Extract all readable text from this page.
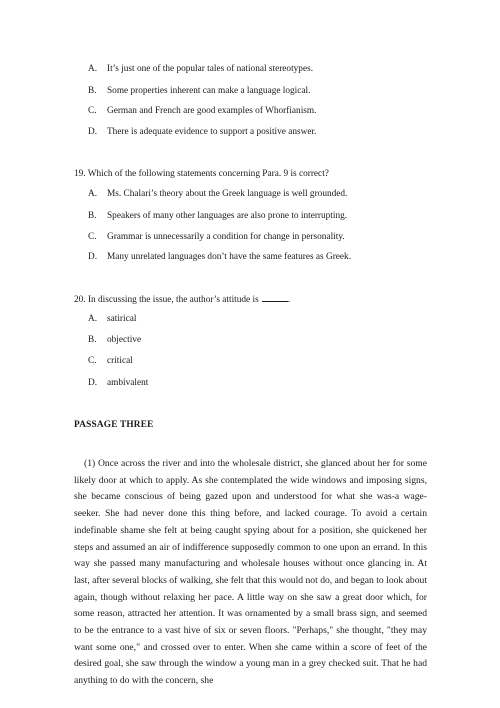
A. It’s just one of the popular tales of national stereotypes.
B. Some properties inherent can make a language logical.
C. German and French are good examples of Whorfianism.
D. There is adequate evidence to support a positive answer.
19. Which of the following statements concerning Para. 9 is correct?
A. Ms. Chalari’s theory about the Greek language is well grounded.
B. Speakers of many other languages are also prone to interrupting.
C. Grammar is unnecessarily a condition for change in personality.
D. Many unrelated languages don’t have the same features as Greek.
20. In discussing the issue, the author’s attitude is	.
A. satirical
B. objective
C. critical
D. ambivalent
PASSAGE THREE

(1) Once across the river and into the wholesale district, she glanced about her for some likely door at which to apply. As she contemplated the wide windows and imposing signs, she became conscious of being gazed upon and understood for what she was-a wage-seeker. She had never done this thing before, and lacked courage. To avoid a certain indefinable shame she felt at being caught spying about for a position, she quickened her steps and assumed an air of indifference supposedly common to one upon an errand. In this way she passed many manufacturing and wholesale houses without once glancing in. At last, after several blocks of walking, she felt that this would not do, and began to look about again, though without relaxing her pace. A little way on she saw a great door which, for some reason, attracted her attention. It was ornamented by a small brass sign, and seemed to be the entrance to a vast hive of six or seven floors. "Perhaps," she thought, "they may want some one," and crossed over to enter. When she came within a score of feet of the desired goal, she saw through the window a young man in a grey checked suit. That he had anything to do with the concern, she
